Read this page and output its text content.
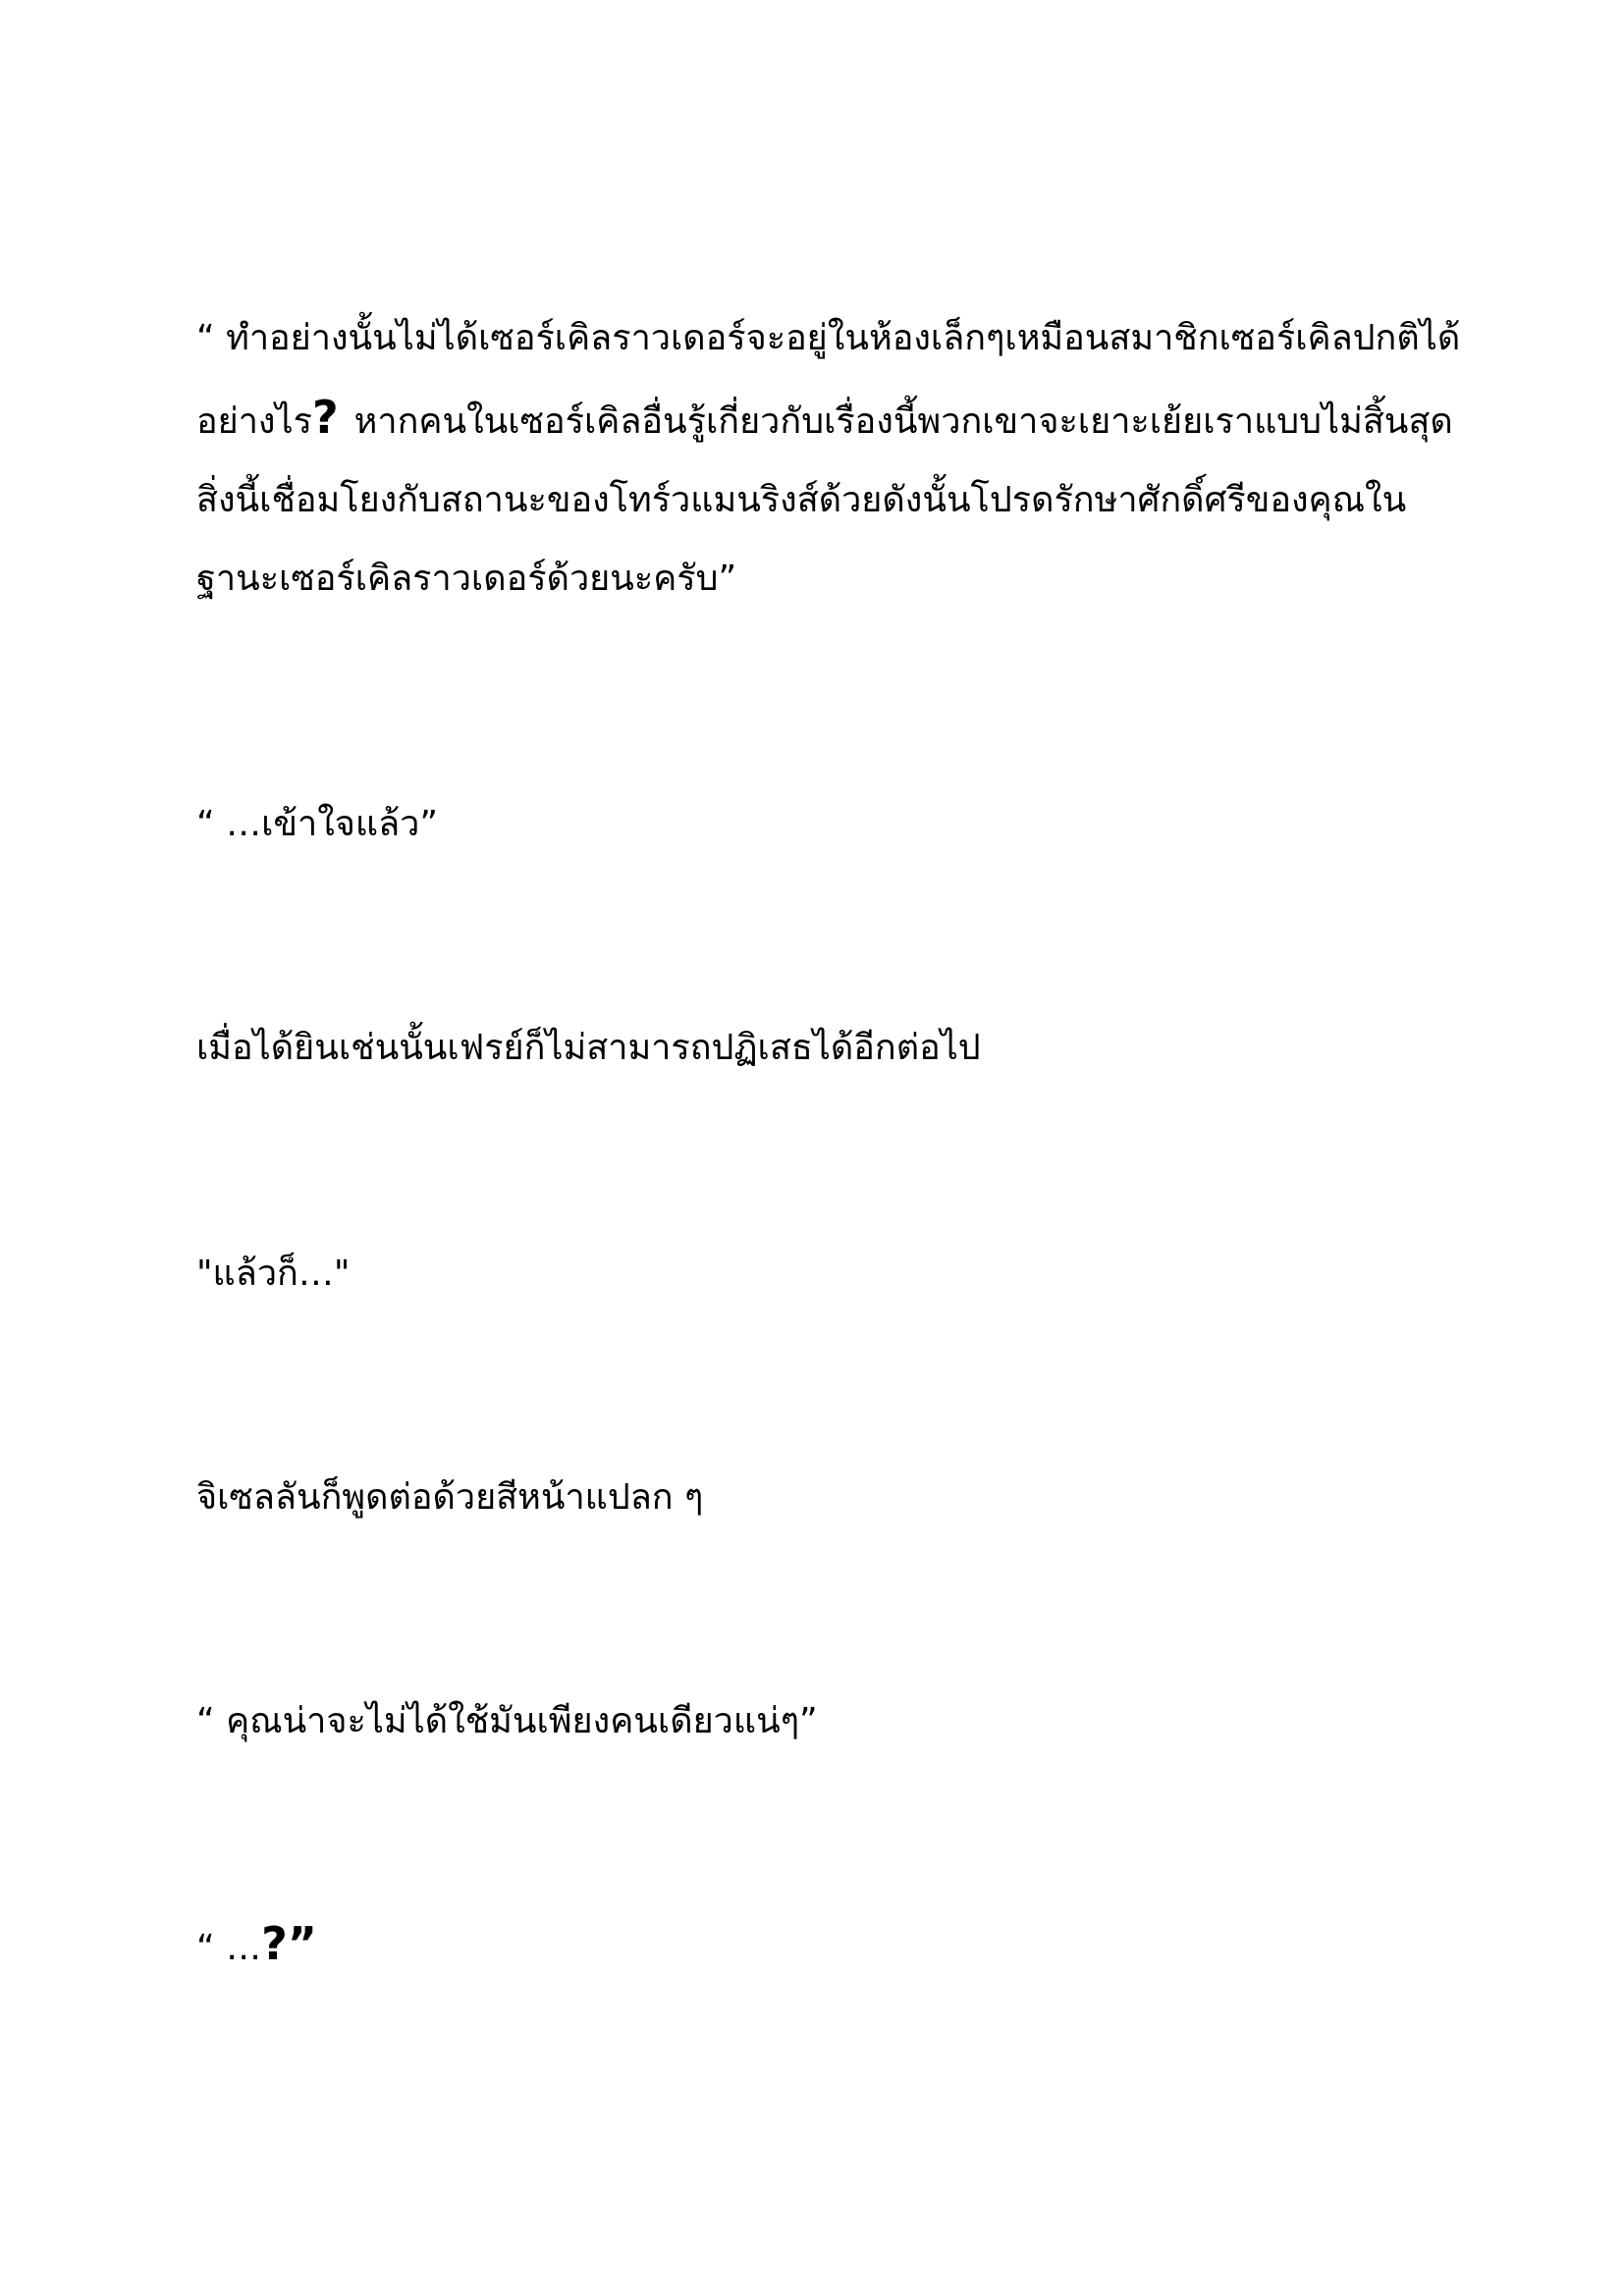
“ ทำอย่างนั้นไม่ได้เซอร์เคิลราวเดอร์จะอยู่ในห้องเล็กๆเหมือนสมาชิกเซอร์เคิลปกติได้
อย่างไร? หากคนในเซอร์เคิลอื่นรู้เกี่ยวกับเรื่องนี้พวกเขาจะเยาะเย้ยเราแบบไม่สิ้นสุด
สิ่งนี้เชื่อมโยงกับสถานะของโทร์วแมนริงส์ด้วยดังนั้นโปรดรักษาศักดิ์ศรีของคุณใน
ฐานะเซอร์เคิลราวเดอร์ด้วยนะครับ”
“ …เข้าใจแล้ว”
เมื่อได้ยินเช่นนั้นเฟรย์ก็ไม่สามารถปฏิเสธได้อีกต่อไป
"แล้วก็…"
จิเซลลันก็พูดต่อด้วยสีหน้าแปลก ๆ
“ คุณน่าจะไม่ได้ใช้มันเพียงคนเดียวแน่ๆ”
“ …?”
